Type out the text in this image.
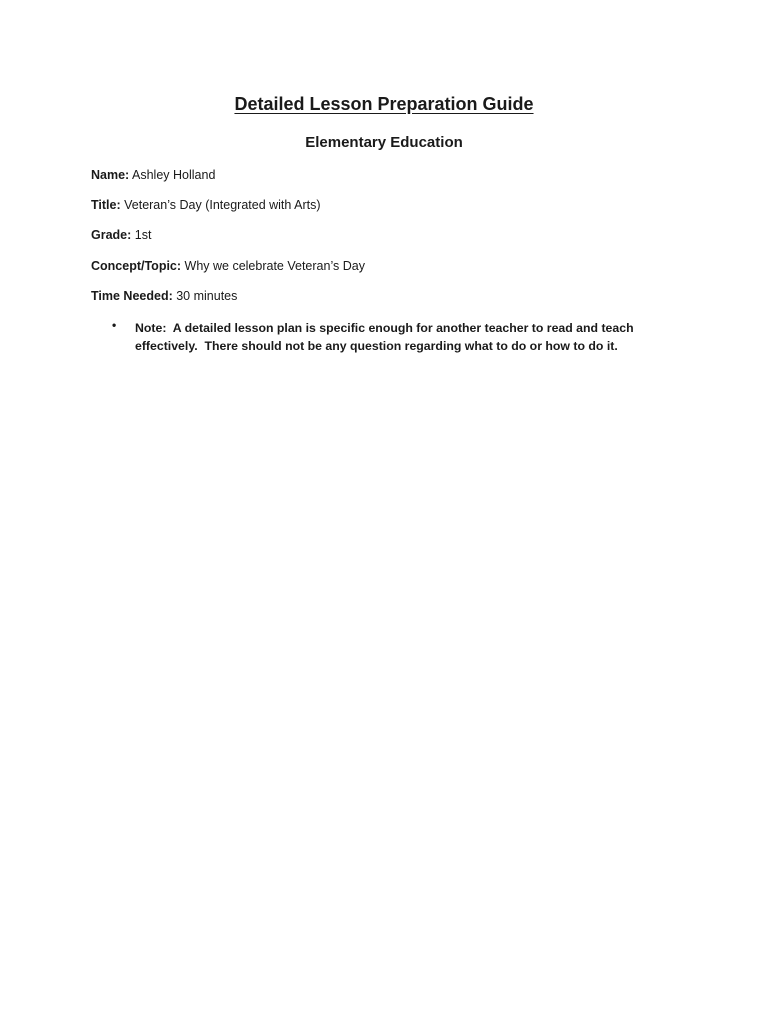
Detailed Lesson Preparation Guide
Elementary Education
Name: Ashley Holland
Title: Veteran’s Day (Integrated with Arts)
Grade: 1st
Concept/Topic: Why we celebrate Veteran’s Day
Time Needed: 30 minutes
• Note:  A detailed lesson plan is specific enough for another teacher to read and teach
effectively.  There should not be any question regarding what to do or how to do it.
